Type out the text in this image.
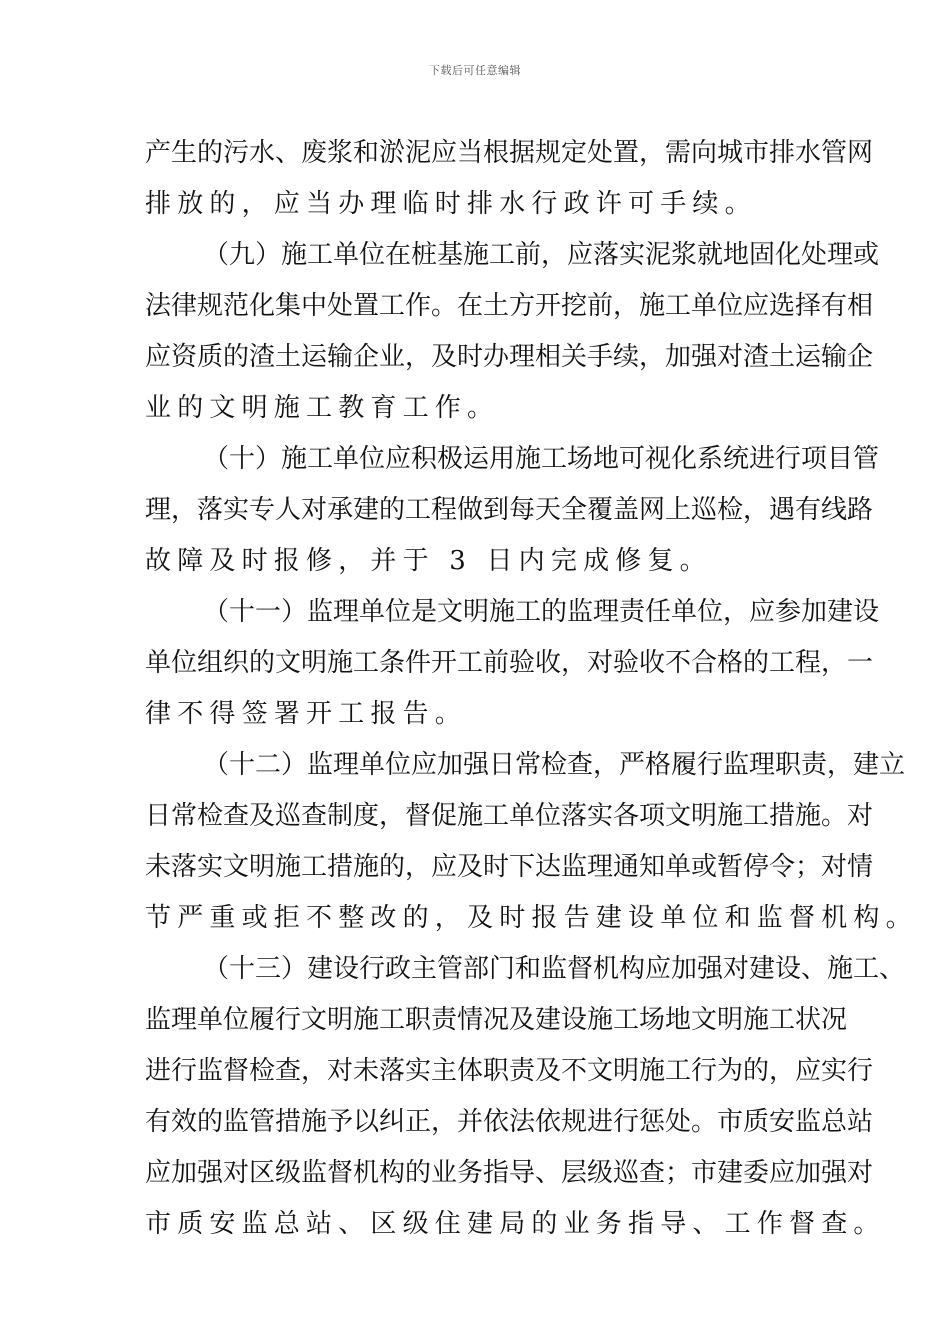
下载后可任意编辑
产生的污水、废浆和淤泥应当根据规定处置，需向城市排水管网
排放的，应当办理临时排水行政许可手续。
（九）施工单位在桩基施工前，应落实泥浆就地固化处理或
法律规范化集中处置工作。在土方开挖前，施工单位应选择有相
应资质的渣土运输企业，及时办理相关手续，加强对渣土运输企
业的文明施工教育工作。
（十）施工单位应积极运用施工场地可视化系统进行项目管
理，落实专人对承建的工程做到每天全覆盖网上巡检，遇有线路
故障及时报修，并于 3 日内完成修复。
（十一）监理单位是文明施工的监理责任单位，应参加建设
单位组织的文明施工条件开工前验收，对验收不合格的工程，一
律不得签署开工报告。
（十二）监理单位应加强日常检查，严格履行监理职责，建立
日常检查及巡查制度，督促施工单位落实各项文明施工措施。对
未落实文明施工措施的，应及时下达监理通知单或暂停令；对情
节严重或拒不整改的，及时报告建设单位和监督机构。
（十三）建设行政主管部门和监督机构应加强对建设、施工、
监理单位履行文明施工职责情况及建设施工场地文明施工状况
进行监督检查，对未落实主体职责及不文明施工行为的，应实行
有效的监管措施予以纠正，并依法依规进行惩处。市质安监总站
应加强对区级监督机构的业务指导、层级巡查；市建委应加强对
市质安监总站、区级住建局的业务指导、工作督查。
